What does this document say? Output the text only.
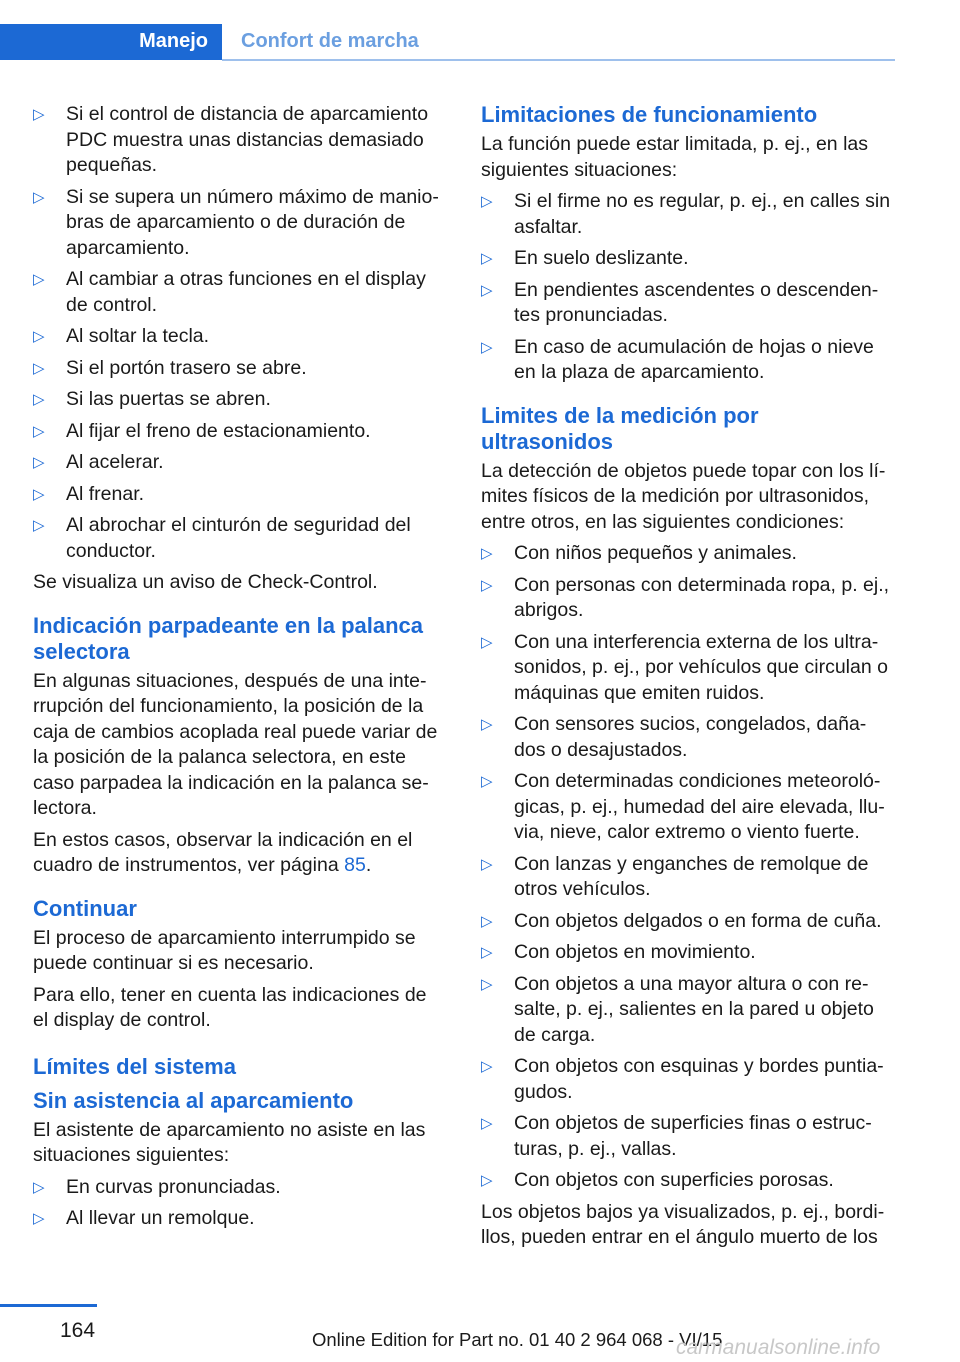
Manejo	Confort de marcha
▷ Si el control de distancia de aparcamiento PDC muestra unas distancias demasiado pequeñas.
▷ Si se supera un número máximo de manio‐bras de aparcamiento o de duración de aparcamiento.
▷ Al cambiar a otras funciones en el display de control.
▷ Al soltar la tecla.
▷ Si el portón trasero se abre.
▷ Si las puertas se abren.
▷ Al fijar el freno de estacionamiento.
▷ Al acelerar.
▷ Al frenar.
▷ Al abrochar el cinturón de seguridad del conductor.

Se visualiza un aviso de Check-Control.

Indicación parpadeante en la palanca selectora

En algunas situaciones, después de una inte‐rrupción del funcionamiento, la posición de la caja de cambios acoplada real puede variar de la posición de la palanca selectora, en este caso parpadea la indicación en la palanca se‐lectora.

En estos casos, observar la indicación en el cuadro de instrumentos, ver página 85.

Continuar

El proceso de aparcamiento interrumpido se puede continuar si es necesario.

Para ello, tener en cuenta las indicaciones de el display de control.

Límites del sistema
Sin asistencia al aparcamiento

El asistente de aparcamiento no asiste en las situaciones siguientes:

▷ En curvas pronunciadas.
▷ Al llevar un remolque.
Limitaciones de funcionamiento

La función puede estar limitada, p. ej., en las siguientes situaciones:

▷ Si el firme no es regular, p. ej., en calles sin asfaltar.
▷ En suelo deslizante.
▷ En pendientes ascendentes o descenden‐tes pronunciadas.
▷ En caso de acumulación de hojas o nieve en la plaza de aparcamiento.
Limites de la medición por ultrasonidos

La detección de objetos puede topar con los lí‐mites físicos de la medición por ultrasonidos, entre otros, en las siguientes condiciones:

▷ Con niños pequeños y animales.
▷ Con personas con determinada ropa, p. ej., abrigos.
▷ Con una interferencia externa de los ultra‐sonidos, p. ej., por vehículos que circulan o máquinas que emiten ruidos.
▷ Con sensores sucios, congelados, daña‐dos o desajustados.
▷ Con determinadas condiciones meteoroló‐gicas, p. ej., humedad del aire elevada, llu‐via, nieve, calor extremo o viento fuerte.
▷ Con lanzas y enganches de remolque de otros vehículos.
▷ Con objetos delgados o en forma de cuña.
▷ Con objetos en movimiento.
▷ Con objetos a una mayor altura o con re‐salte, p. ej., salientes en la pared u objeto de carga.
▷ Con objetos con esquinas y bordes puntia‐gudos.
▷ Con objetos de superficies finas o estruc‐turas, p. ej., vallas.
▷ Con objetos con superficies porosas.

Los objetos bajos ya visualizados, p. ej., bordi‐llos, pueden entrar en el ángulo muerto de los

164	Online Edition for Part no. 01 40 2 964 068 - VI/15
carmanualsonline.info
